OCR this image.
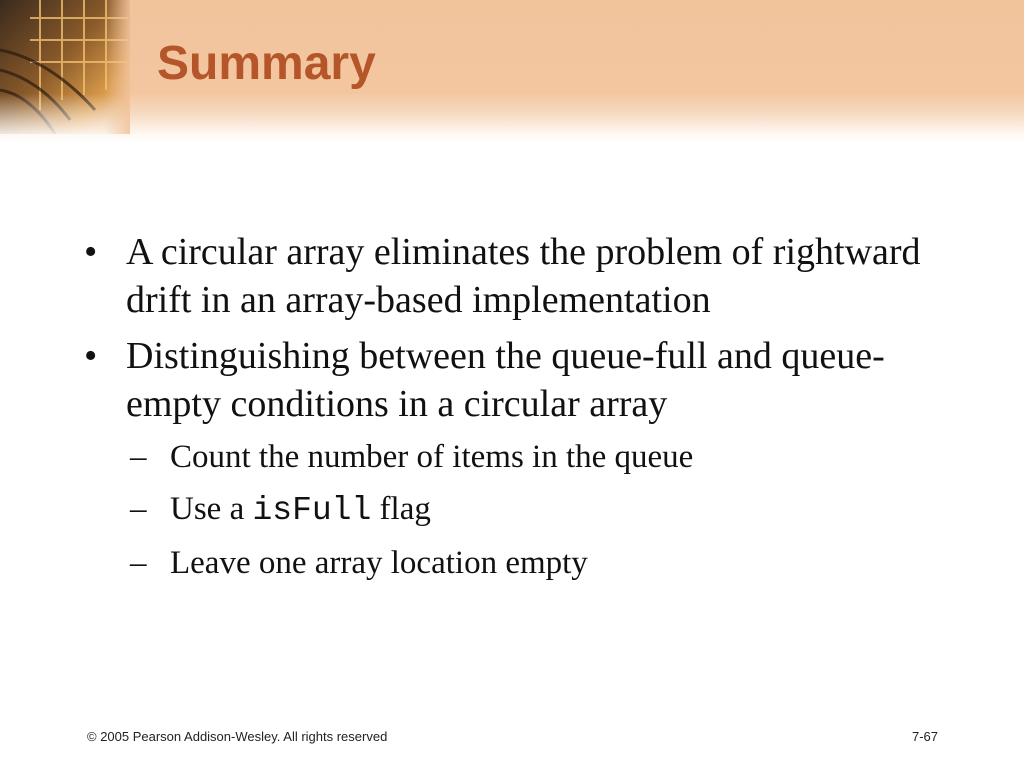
Summary
• A circular array eliminates the problem of rightward drift in an array-based implementation
• Distinguishing between the queue-full and queue-empty conditions in a circular array
– Count the number of items in the queue
– Use a isFull flag
– Leave one array location empty
© 2005 Pearson Addison-Wesley. All rights reserved	7-67
